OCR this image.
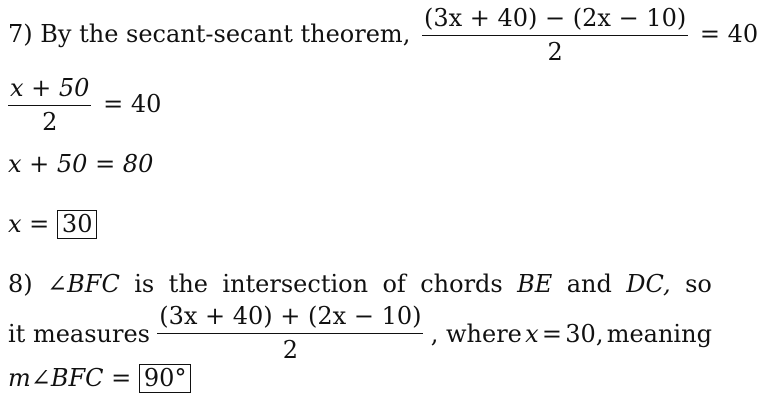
7) By the secant-secant theorem, $\frac{(3x + 40) - (2x - 10)}{2} = 40$
$\frac{x + 50}{2} = 40$
x + 50 = 80
x = 30
8) ∠BFC is the intersection of chords BE and DC, so
it measures $\frac{(3x + 40) + (2x - 10)}{2}$ , where x = 30, meaning
m∠BFC = 90°
